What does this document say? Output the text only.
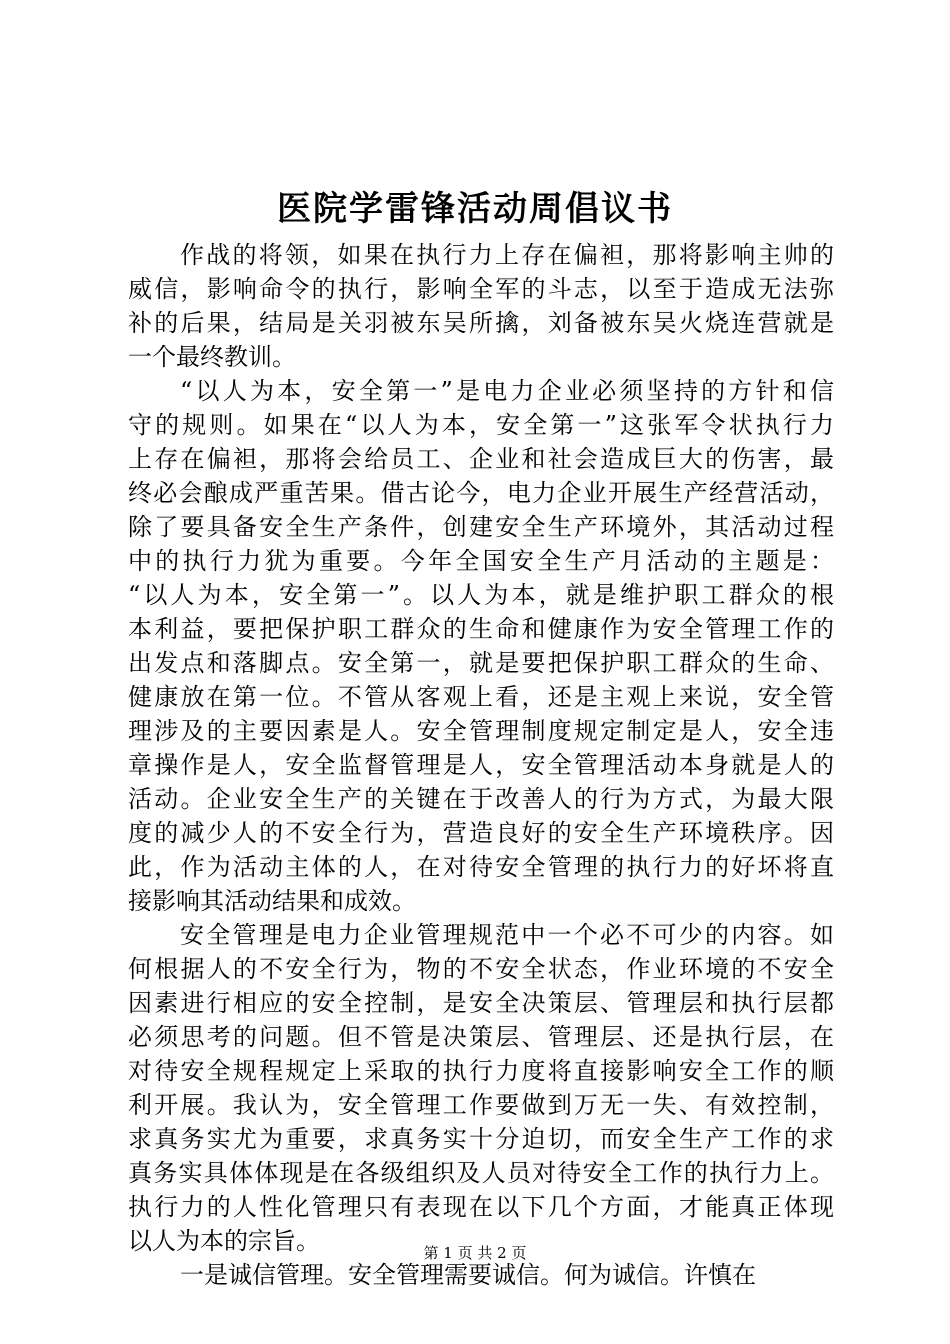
医院学雷锋活动周倡议书
作战的将领，如果在执行力上存在偏袒，那将影响主帅的
威信，影响命令的执行，影响全军的斗志，以至于造成无法弥
补的后果，结局是关羽被东吴所擒，刘备被东吴火烧连营就是
一个最终教训。
“以人为本，安全第一”是电力企业必须坚持的方针和信
守的规则。如果在“以人为本，安全第一”这张军令状执行力
上存在偏袒，那将会给员工、企业和社会造成巨大的伤害，最
终必会酿成严重苦果。借古论今，电力企业开展生产经营活动，
除了要具备安全生产条件，创建安全生产环境外，其活动过程
中的执行力犹为重要。今年全国安全生产月活动的主题是：
“以人为本，安全第一”。以人为本，就是维护职工群众的根
本利益，要把保护职工群众的生命和健康作为安全管理工作的
出发点和落脚点。安全第一，就是要把保护职工群众的生命、
健康放在第一位。不管从客观上看，还是主观上来说，安全管
理涉及的主要因素是人。安全管理制度规定制定是人，安全违
章操作是人，安全监督管理是人，安全管理活动本身就是人的
活动。企业安全生产的关键在于改善人的行为方式，为最大限
度的减少人的不安全行为，营造良好的安全生产环境秩序。因
此，作为活动主体的人，在对待安全管理的执行力的好坏将直
接影响其活动结果和成效。
安全管理是电力企业管理规范中一个必不可少的内容。如
何根据人的不安全行为，物的不安全状态，作业环境的不安全
因素进行相应的安全控制，是安全决策层、管理层和执行层都
必须思考的问题。但不管是决策层、管理层、还是执行层，在
对待安全规程规定上采取的执行力度将直接影响安全工作的顺
利开展。我认为，安全管理工作要做到万无一失、有效控制，
求真务实尤为重要，求真务实十分迫切，而安全生产工作的求
真务实具体体现是在各级组织及人员对待安全工作的执行力上。
执行力的人性化管理只有表现在以下几个方面，才能真正体现
以人为本的宗旨。
一是诚信管理。安全管理需要诚信。何为诚信。许慎在
第 1 页 共 2 页
